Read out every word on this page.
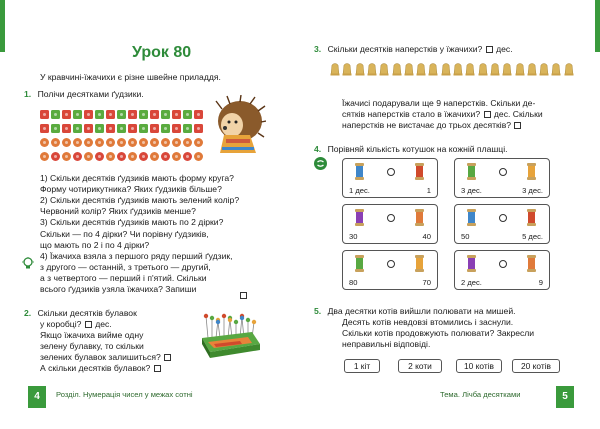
Урок 80
У кравчині-їжачихи є різне швейне приладдя.
1. Полічи десятками ґудзики.
1) Скільки десятків ґудзиків мають форму круга?
Форму чотирикутника? Яких ґудзиків більше?
2) Скільки десятків ґудзиків мають зелений колір?
Червоний колір? Яких ґудзиків менше?
3) Скільки десятків ґудзиків мають по 2 дірки?
Скільки — по 4 дірки? Чи порівну ґудзиків,
що мають по 2 і по 4 дірки?
4) Їжачиха взяла з першого ряду перший ґудзик,
з другого — останній, з третього — другий,
а з четвертого — перший і п'ятий. Скільки
всього ґудзиків узяла їжачиха? Запиши
2. Скільки десятків булавок
у коробці? дес.
Якщо їжачиха вийме одну
зелену булавку, то скільки
зелених булавок залишиться?
А скільки десятків булавок?
4	Розділ. Нумерація чисел у межах сотні
3. Скільки десятків наперстків у їжачихи? дес.
Їжачисі подарували ще 9 наперстків. Скільки де-
сятків наперстків стало в їжачихи? дес. Скільки
наперстків не вистачає до трьох десятків?
4. Порівняй кількість котушок на кожній плашці.
1 дес.	1	3 дес.	3 дес.
30	40	50	5 дес.
80	70	2 дес.	9
5. Два десятки котів вийшли полювати на мишей.
Десять котів невдовзі втомились і заснули.
Скільки котів продовжують полювати? Закресли
неправильні відповіді.
1 кіт	2 коти	10 котів	20 котів
Тема. Лічба десятками	5
